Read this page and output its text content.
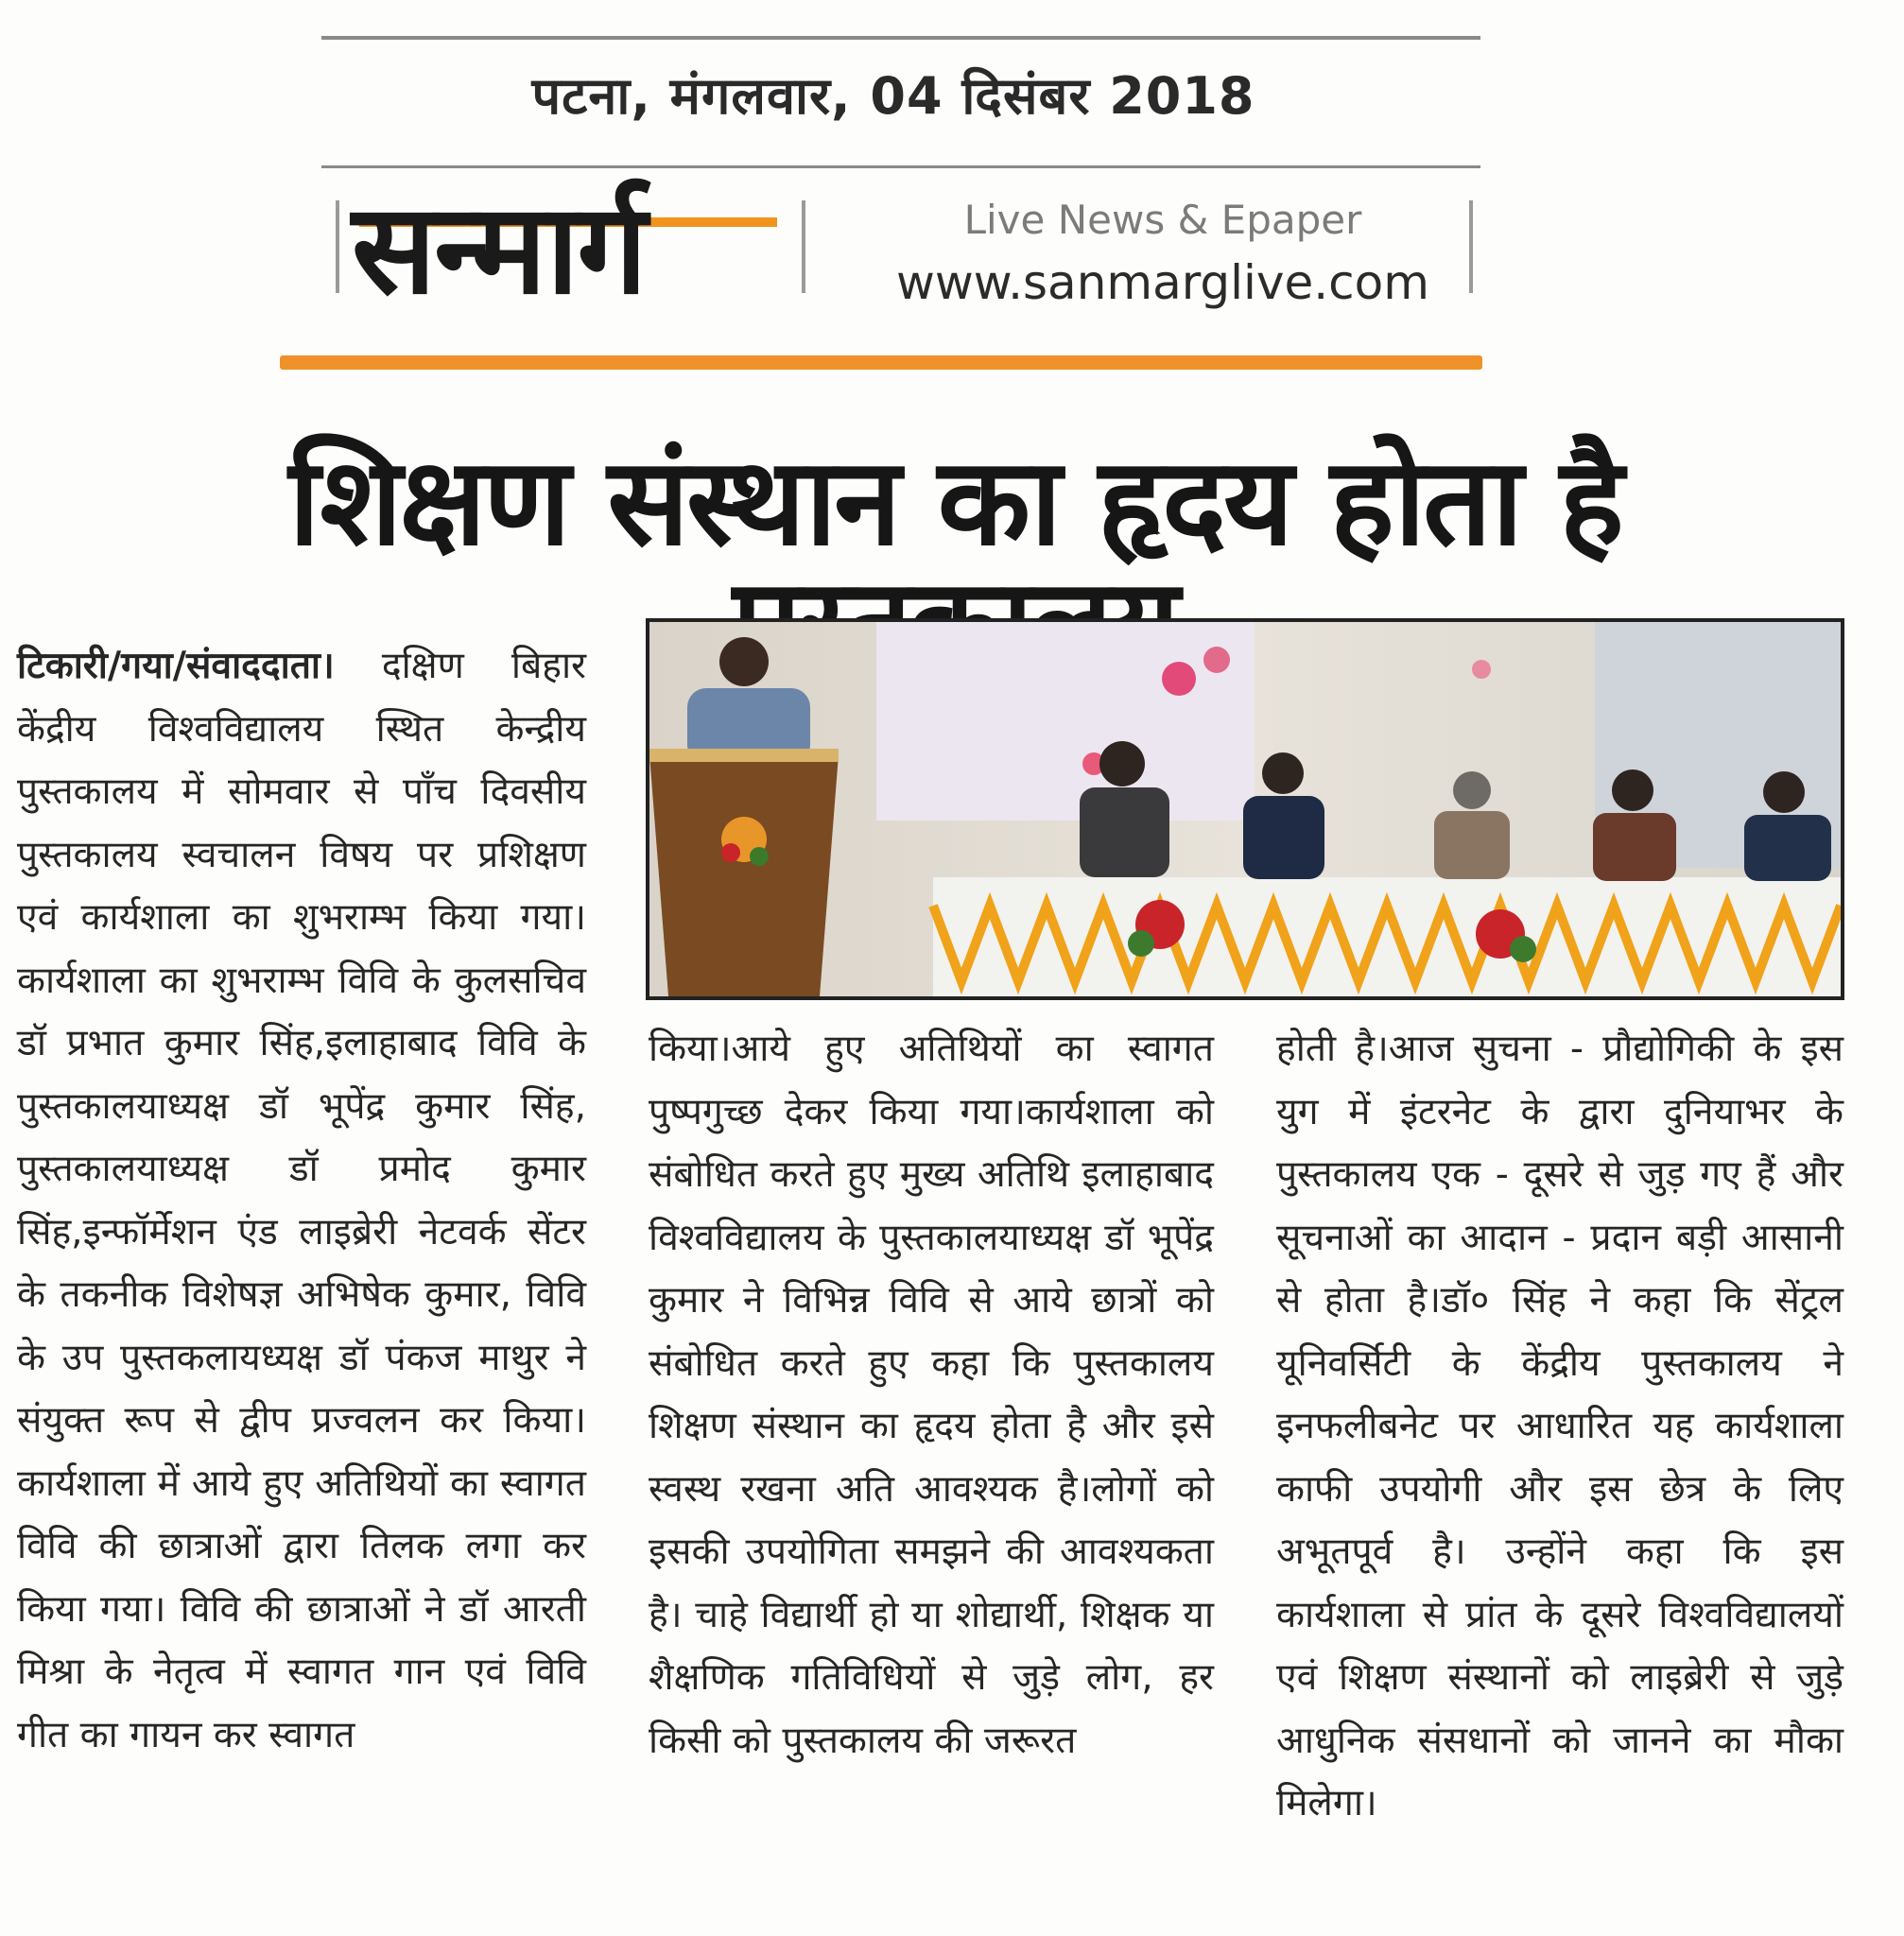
पटना, मंगलवार, 04 दिसंबर 2018
सन्मार्ग	Live News & Epaper
www.sanmarglive.com
शिक्षण संस्थान का हृदय होता है

टिकारी/गया/संवाददाता। दक्षिण बिहार केंद्रीय विश्वविद्यालय स्थित केन्द्रीय पुस्तकालय में सोमवार से पाँच दिवसीय पुस्तकालय स्वचालन विषय पर प्रशिक्षण एवं कार्यशाला का शुभराम्भ किया गया। कार्यशाला का शुभराम्भ विवि के कुलसचिव डॉ प्रभात कुमार सिंह,इलाहाबाद विवि के पुस्तकालयाध्यक्ष डॉ भूपेंद्र कुमार सिंह, पुस्तकालयाध्यक्ष डॉ प्रमोद कुमार सिंह,इन्फॉर्मेशन एंड लाइब्रेरी नेटवर्क सेंटर के तकनीक विशेषज्ञ अभिषेक कुमार, विवि के उप पुस्तकलायध्यक्ष डॉ पंकज माथुर ने संयुक्त रूप से द्वीप प्रज्वलन कर किया।कार्यशाला में आये हुए अतिथियों का स्वागत विवि की छात्राओं द्वारा तिलक लगा कर किया गया। विवि की छात्राओं ने डॉ आरती मिश्रा के नेतृत्व में स्वागत गान एवं विवि गीत का गायन कर स्वागत

किया।आये हुए अतिथियों का स्वागत पुष्पगुच्छ देकर किया गया।कार्यशाला को संबोधित करते हुए मुख्य अतिथि इलाहाबाद विश्वविद्यालय के पुस्तकालयाध्यक्ष डॉ भूपेंद्र कुमार ने विभिन्न विवि से आये छात्रों को संबोधित करते हुए कहा कि पुस्तकालय शिक्षण संस्थान का हृदय होता है और इसे स्वस्थ रखना अति आवश्यक है।लोगों को इसकी उपयोगिता समझने की आवश्यकता है। चाहे विद्यार्थी हो या शोद्यार्थी, शिक्षक या शैक्षणिक गतिविधियों से जुड़े लोग, हर किसी को पुस्तकालय की जरूरत

होती है।आज सुचना - प्रौद्योगिकी के इस युग में इंटरनेट के द्वारा दुनियाभर के पुस्तकालय एक - दूसरे से जुड़ गए हैं और सूचनाओं का आदान - प्रदान बड़ी आसानी से होता है।डॉ० सिंह ने कहा कि सेंट्रल यूनिवर्सिटी के केंद्रीय पुस्तकालय ने इनफलीबनेट पर आधारित यह कार्यशाला काफी उपयोगी और इस छेत्र के लिए अभूतपूर्व है। उन्होंने कहा कि इस कार्यशाला से प्रांत के दूसरे विश्वविद्यालयों एवं शिक्षण संस्थानों को लाइब्रेरी से जुड़े आधुनिक संसधानों को जानने का मौका मिलेगा।
